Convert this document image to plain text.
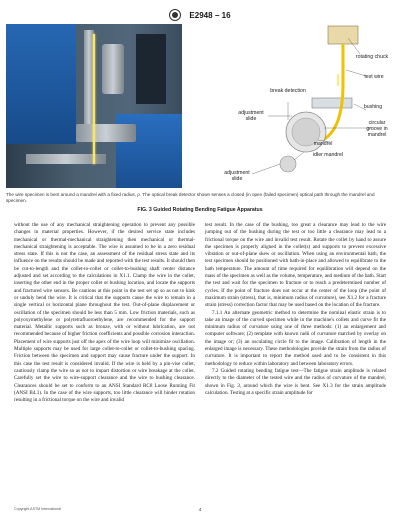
E2948 − 16
rotating chuck
test wire
break detection
bushing
adjustment slide
circular groove in mandrel
mandrel
idler mandrel
adjustment slide
The wire specimen is bent around a mandrel with a fixed radius, ρ. The optical break detector shown senses a closed (in open (failed specimen) optical path through the mandrel and specimen.
FIG. 3 Guided Rotating Bending Fatigue Apparatus

without the use of any mechanical straightening operation to prevent any possible changes in material properties. However, if the desired service state includes mechanical or thermal-mechanical straightening then mechanical or thermal-mechanical straightening is acceptable. The wire is assumed to be in a zero residual stress state. If this is not the case, an assessment of the residual stress state and its influence on the results should be made and reported with the test results. It should then be cut-to-length and the collet-to-collet or collet-to-bushing shaft center distance adjusted and set according to the calculations in X1.1. Clamp the wire in the collet, inserting the other end in the proper collet or bushing location, and locate the supports and fractured wire sensors. Be cautions at this point in the test set up so as not to kink or unduly bend the wire. It is critical that the supports cause the wire to remain in a single vertical or horizontal plane throughout the test. Out-of-plane displacement or oscillation of the specimen should be less than 5 mm. Low friction materials, such as polyoxymethylene or polytetrafluoroethylene, are recommended for the support material. Metallic supports such as bronze, with or without lubrication, are not recommended because of higher friction coefficients and possible corrosion interaction. Placement of wire supports just off the apex of the wire loop will minimize oscillation. Multiple supports may be used for large collet-to-collet or collet-to-bushing spacing. Friction between the specimen and support may cause fracture under the support. In this case the test result is considered invalid. If the wire is held by a pin-vise collet, cautiously clamp the wire so as not to impart distortion or wire breakage at the collet. Carefully set the wire to wire-support clearance and the wire to bushing clearance. Clearances should be set to conform to an ANSI Standard RC8 Loose Running Fit (ANSI B4.1). In the case of the wire supports, too little clearance will hinder rotation resulting in a frictional torque on the wire and invalid

test result. In the case of the bushing, too great a clearance may lead to the wire jumping out of the bushing during the test or too little a clearance may lead to a frictional torque on the wire and invalid test result. Rotate the collet by hand to assure the specimen is properly aligned in the collet(s) and supports to prevent excessive vibration or out-of-plane skew or oscillation. When using an environmental bath, the test specimen should be positioned with bath-in-place and allowed to equilibrate to the bath temperature. The amount of time required for equilibration will depend on the mass of the specimen as well as the volume, temperature, and medium of the bath. Start the test and wait for the specimen to fracture or to reach a predetermined number of cycles. If the point of fracture does not occur at the center of the loop (the point of maximum strain (stress), that is, minimum radius of curvature), see X1.2 for a fracture strain (stress) correction factor that may be used based on the location of the fracture.

7.1.1 An alternate geometric method to determine the nominal elastic strain is to take an image of the curved specimen while in the machine's collets and curve fit the minimum radius of curvature using one of three methods: (1) an enlargement and computer software; (2) template with known radii of curvature matched by overlay on the image or; (3) an osculating circle fit to the image. Calibration of length in the enlarged image is necessary. These methodologies provide the strain from the radius of curvature. It is important to report the method used and to be consistent in this methodology to reduce within laboratory and between laboratory errors.

7.2 Guided rotating bending fatigue test—The fatigue strain amplitude is related directly to the diameter of the tested wire and the radius of curvature of the mandrel, shown in Fig. 3, around which the wire is bent. See X1.3 for the strain amplitude calculation. Testing at a specific strain amplitude for

Copyright ASTM International	4
